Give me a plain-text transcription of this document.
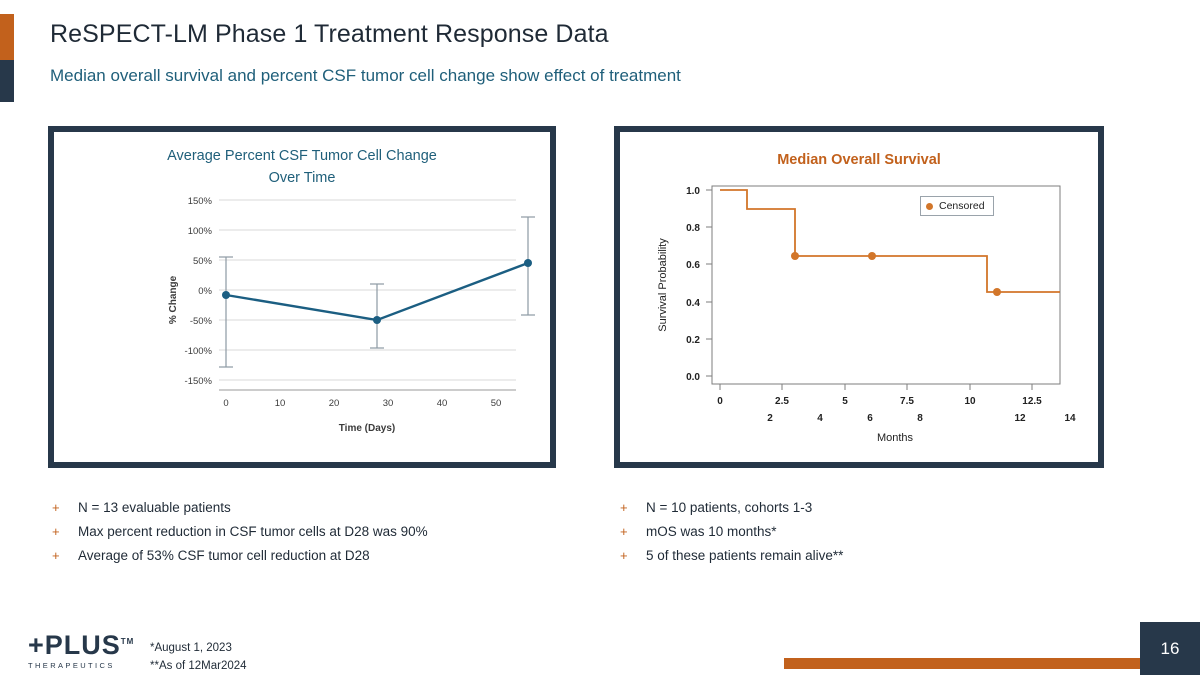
ReSPECT-LM Phase 1 Treatment Response Data
Median overall survival and percent CSF tumor cell change show effect of treatment
Average Percent CSF Tumor Cell Change
Over Time
150%
100%
50%
0%
-50%
-100%
-150%
0	10	20	30	40	50
Time (Days)
% Change
Median Overall Survival
Censored
1.0
0.8
0.6
0.4
0.2
0.0
0	2.5	5	7.5	10	12.5
2	4	6	8	12	14
Months
Survival Probability
+	N = 13 evaluable patients
+	Max percent reduction in CSF tumor cells at D28 was 90%
+	Average of 53% CSF tumor cell reduction at D28
+	N = 10 patients, cohorts 1-3
+	mOS was 10 months*
+	5 of these patients remain alive**
+PLUS™
THERAPEUTICS
*August 1, 2023
**As of 12Mar2024
16
